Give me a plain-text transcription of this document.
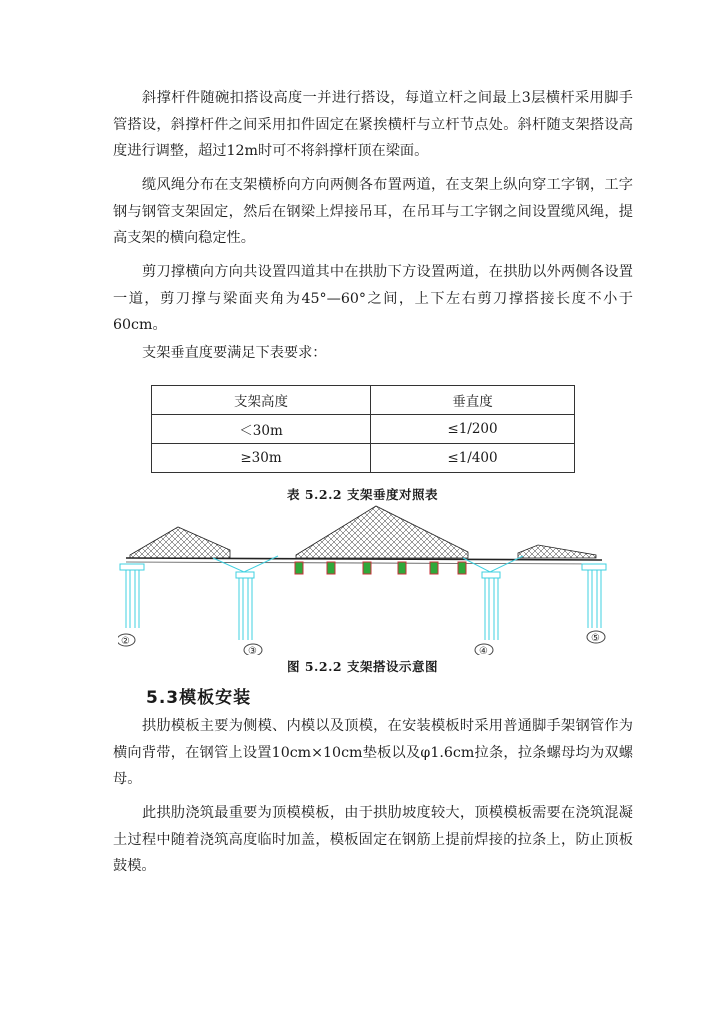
斜撑杆件随碗扣搭设高度一并进行搭设，每道立杆之间最上3层横杆采用脚手管搭设，斜撑杆件之间采用扣件固定在紧挨横杆与立杆节点处。斜杆随支架搭设高度进行调整，超过12m时可不将斜撑杆顶在梁面。

缆风绳分布在支架横桥向方向两侧各布置两道，在支架上纵向穿工字钢，工字钢与钢管支架固定，然后在钢梁上焊接吊耳，在吊耳与工字钢之间设置缆风绳，提高支架的横向稳定性。

剪刀撑横向方向共设置四道其中在拱肋下方设置两道，在拱肋以外两侧各设置一道，剪刀撑与梁面夹角为45°—60°之间，上下左右剪刀撑搭接长度不小于60cm。

支架垂直度要满足下表要求：

支架高度	垂直度
＜30m	≤1/200
≥30m	≤1/400
表 5.2.2 支架垂度对照表
②
③	④
⑤
图 5.2.2 支架搭设示意图
5.3模板安装

拱肋模板主要为侧模、内模以及顶模，在安装模板时采用普通脚手架钢管作为横向背带，在钢管上设置10cm×10cm垫板以及φ1.6cm拉条，拉条螺母均为双螺母。

此拱肋浇筑最重要为顶模模板，由于拱肋坡度较大，顶模模板需要在浇筑混凝土过程中随着浇筑高度临时加盖，模板固定在钢筋上提前焊接的拉条上，防止顶板鼓模。
